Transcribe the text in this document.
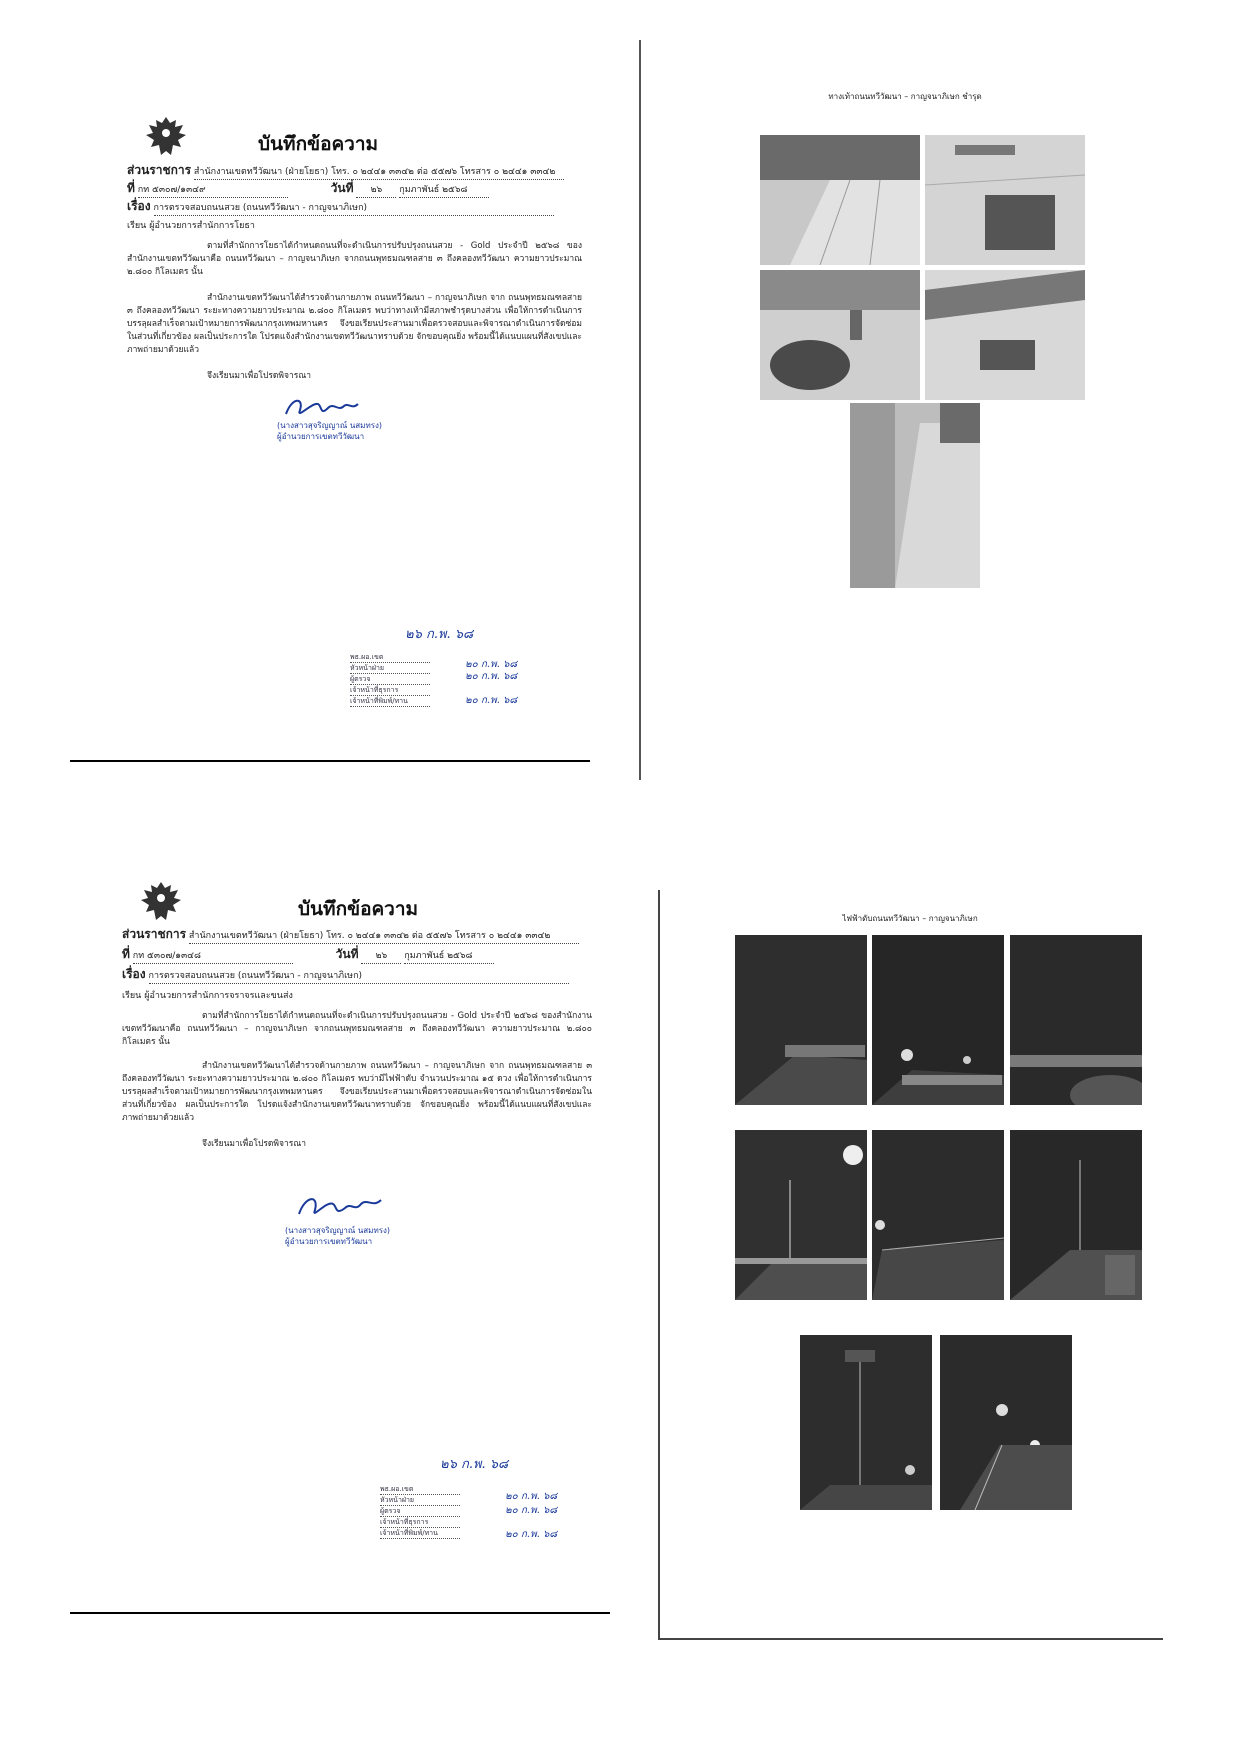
บันทึกข้อความ
ส่วนราชการ สำนักงานเขตทวีวัฒนา (ฝ่ายโยธา) โทร. ๐ ๒๔๔๑ ๓๓๔๒ ต่อ ๕๕๗๖ โทรสาร ๐ ๒๔๔๑ ๓๓๔๒
ที่ กท ๕๓๐๗/๑๓๔๙	วันที่ ๒๖ กุมภาพันธ์ ๒๕๖๘
เรื่อง การตรวจสอบถนนสวย (ถนนทวีวัฒนา - กาญจนาภิเษก)
เรียน ผู้อำนวยการสำนักการโยธา
ตามที่สำนักการโยธาได้กำหนดถนนที่จะดำเนินการปรับปรุงถนนสวย - Gold ประจำปี ๒๕๖๘ ของสำนักงานเขตทวีวัฒนาคือ ถนนทวีวัฒนา – กาญจนาภิเษก จากถนนพุทธมณฑลสาย ๓ ถึงคลองทวีวัฒนา ความยาวประมาณ ๒.๘๐๐ กิโลเมตร นั้น
สำนักงานเขตทวีวัฒนาได้สำรวจด้านกายภาพ ถนนทวีวัฒนา – กาญจนาภิเษก จาก ถนนพุทธมณฑลสาย ๓ ถึงคลองทวีวัฒนา ระยะทางความยาวประมาณ ๒.๘๐๐ กิโลเมตร พบว่าทางเท้ามีสภาพชำรุดบางส่วน เพื่อให้การดำเนินการบรรลุผลสำเร็จตามเป้าหมายการพัฒนากรุงเทพมหานคร จึงขอเรียนประสานมาเพื่อตรวจสอบและพิจารณาดำเนินการจัดซ่อมในส่วนที่เกี่ยวข้อง ผลเป็นประการใด โปรดแจ้งสำนักงานเขตทวีวัฒนาทราบด้วย จักขอบคุณยิ่ง พร้อมนี้ได้แนบแผนที่สังเขปและภาพถ่ายมาด้วยแล้ว
จึงเรียนมาเพื่อโปรดพิจารณา
(นางสาวสุจริญญาณ์ นสมทรง)
ผู้อำนวยการเขตทวีวัฒนา
๒๖ ก.พ. ๖๘
พธ.ผอ.เขต
หัวหน้าฝ่าย
ผู้ตรวจ
เจ้าหน้าที่ธุรการ
เจ้าหน้าที่พิมพ์/ทาน
๒๐ ก.พ. ๖๘
๒๐ ก.พ. ๖๘
๒๐ ก.พ. ๖๘
ทางเท้าถนนทวีวัฒนา – กาญจนาภิเษก ชำรุด
บันทึกข้อความ
ส่วนราชการ สำนักงานเขตทวีวัฒนา (ฝ่ายโยธา) โทร. ๐ ๒๔๔๑ ๓๓๔๒ ต่อ ๕๕๗๖ โทรสาร ๐ ๒๔๔๑ ๓๓๔๒
ที่ กท ๕๓๐๗/๑๓๔๘	วันที่ ๒๖ กุมภาพันธ์ ๒๕๖๘
เรื่อง การตรวจสอบถนนสวย (ถนนทวีวัฒนา - กาญจนาภิเษก)
เรียน ผู้อำนวยการสำนักการจราจรและขนส่ง
ตามที่สำนักการโยธาได้กำหนดถนนที่จะดำเนินการปรับปรุงถนนสวย - Gold ประจำปี ๒๕๖๘ ของสำนักงานเขตทวีวัฒนาคือ ถนนทวีวัฒนา – กาญจนาภิเษก จากถนนพุทธมณฑลสาย ๓ ถึงคลองทวีวัฒนา ความยาวประมาณ ๒.๘๐๐ กิโลเมตร นั้น
สำนักงานเขตทวีวัฒนาได้สำรวจด้านกายภาพ ถนนทวีวัฒนา – กาญจนาภิเษก จาก ถนนพุทธมณฑลสาย ๓ ถึงคลองทวีวัฒนา ระยะทางความยาวประมาณ ๒.๘๐๐ กิโลเมตร พบว่ามีไฟฟ้าดับ จำนวนประมาณ ๑๕ ดวง เพื่อให้การดำเนินการบรรลุผลสำเร็จตามเป้าหมายการพัฒนากรุงเทพมหานคร จึงขอเรียนประสานมาเพื่อตรวจสอบและพิจารณาดำเนินการจัดซ่อมในส่วนที่เกี่ยวข้อง ผลเป็นประการใด โปรดแจ้งสำนักงานเขตทวีวัฒนาทราบด้วย จักขอบคุณยิ่ง พร้อมนี้ได้แนบแผนที่สังเขปและภาพถ่ายมาด้วยแล้ว
จึงเรียนมาเพื่อโปรดพิจารณา
(นางสาวสุจริญญาณ์ นสมทรง)
ผู้อำนวยการเขตทวีวัฒนา
๒๖ ก.พ. ๖๘
พธ.ผอ.เขต
หัวหน้าฝ่าย
ผู้ตรวจ
เจ้าหน้าที่ธุรการ
เจ้าหน้าที่พิมพ์/ทาน
๒๐ ก.พ. ๖๘
๒๐ ก.พ. ๖๘
๒๐ ก.พ. ๖๘
ไฟฟ้าดับถนนทวีวัฒนา – กาญจนาภิเษก
